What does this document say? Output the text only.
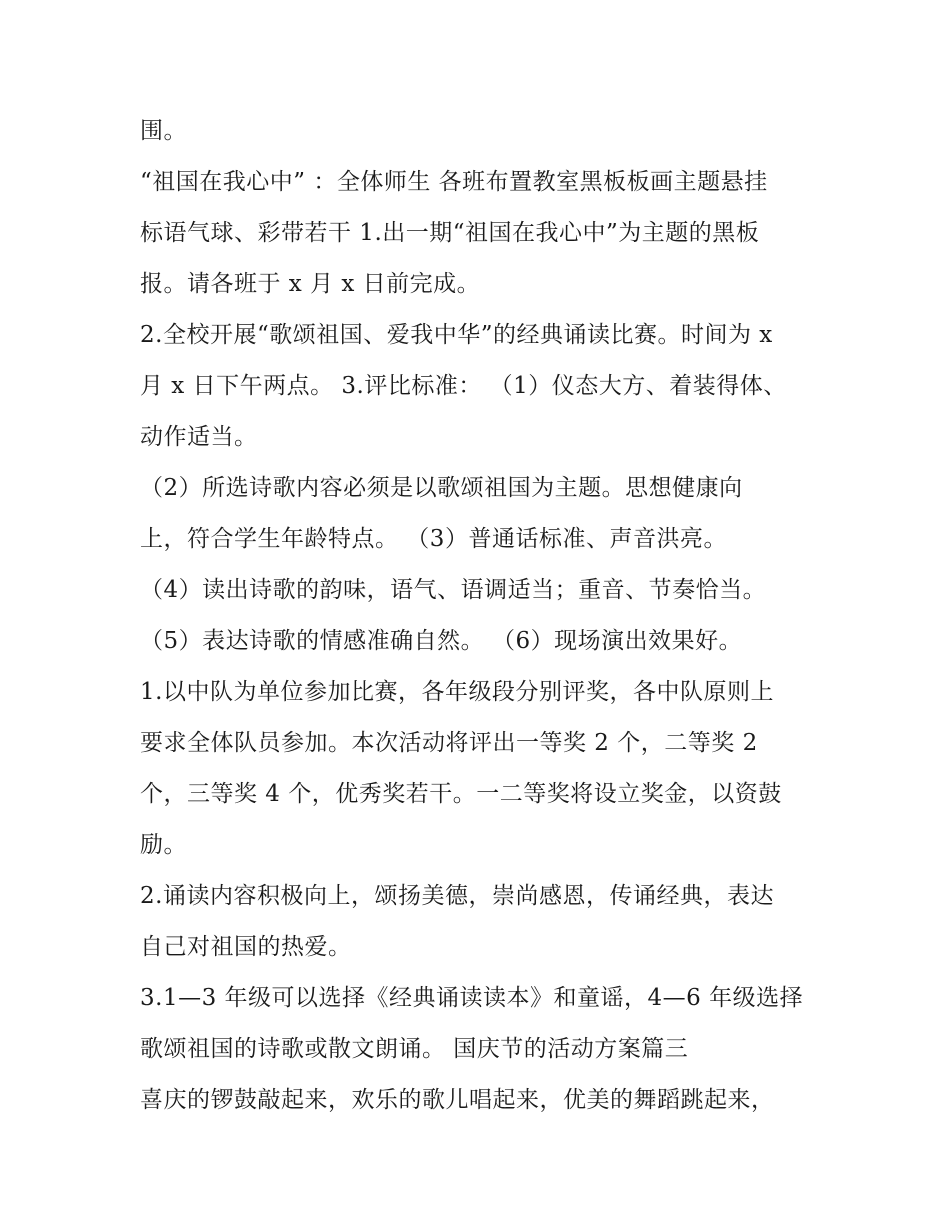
围。
“祖国在我心中” ：全体师生 各班布置教室黑板板画主题悬挂
标语气球、彩带若干 1.出一期“祖国在我心中”为主题的黑板
报。请各班于 x 月 x 日前完成。
2.全校开展“歌颂祖国、爱我中华”的经典诵读比赛。时间为 x
月 x 日下午两点。 3.评比标准： （1）仪态大方、着装得体、
动作适当。
（2）所选诗歌内容必须是以歌颂祖国为主题。思想健康向
上，符合学生年龄特点。 （3）普通话标准、声音洪亮。
（4）读出诗歌的韵味，语气、语调适当；重音、节奏恰当。
（5）表达诗歌的情感准确自然。 （6）现场演出效果好。
1.以中队为单位参加比赛，各年级段分别评奖，各中队原则上
要求全体队员参加。本次活动将评出一等奖 2 个，二等奖 2
个，三等奖 4 个，优秀奖若干。一二等奖将设立奖金，以资鼓
励。
2.诵读内容积极向上，颂扬美德，崇尚感恩，传诵经典，表达
自己对祖国的热爱。
3.1—3 年级可以选择《经典诵读读本》和童谣，4—6 年级选择
歌颂祖国的诗歌或散文朗诵。 国庆节的活动方案篇三
喜庆的锣鼓敲起来，欢乐的歌儿唱起来，优美的舞蹈跳起来，
